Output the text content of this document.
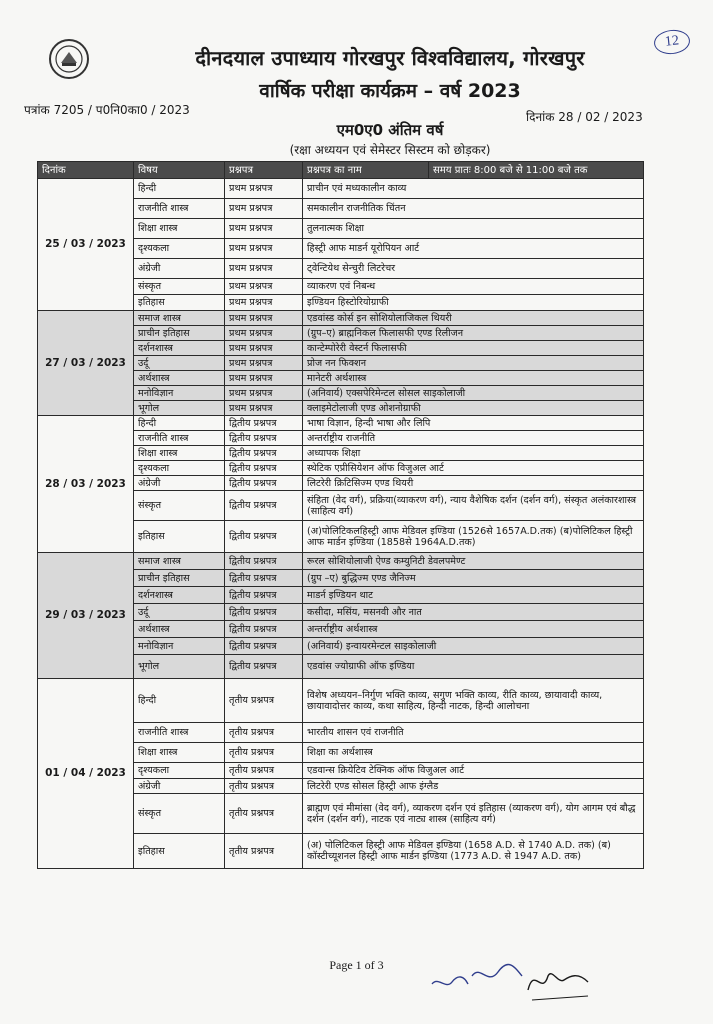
12
दीनदयाल उपाध्याय गोरखपुर विश्वविद्यालय, गोरखपुर
वार्षिक परीक्षा कार्यक्रम – वर्ष 2023
पत्रांक 7205 / प0नि0का0 / 2023	दिनांक 28 / 02 / 2023
एम0ए0 अंतिम वर्ष
(रक्षा अध्ययन एवं सेमेस्टर सिस्टम को छोड़कर)
दिनांक	विषय	प्रश्नपत्र	प्रश्नपत्र का नाम	समय प्रातः 8:00 बजे से 11:00 बजे तक
25 / 03 / 2023	हिन्दी	प्रथम प्रश्नपत्र	प्राचीन एवं मध्यकालीन काव्य	
	राजनीति शास्त्र	प्रथम प्रश्नपत्र	समकालीन राजनीतिक चिंतन	
	शिक्षा शास्त्र	प्रथम प्रश्नपत्र	तुलनात्मक शिक्षा	
	दृश्यकला	प्रथम प्रश्नपत्र	हिस्ट्री आफ माडर्न यूरोपियन आर्ट	
	अंग्रेजी	प्रथम प्रश्नपत्र	ट्वेन्टियेथ सेन्चुरी लिटरेचर	
	संस्कृत	प्रथम प्रश्नपत्र	व्याकरण एवं निबन्ध	
	इतिहास	प्रथम प्रश्नपत्र	इण्डियन हिस्टोरियोग्राफी	
27 / 03 / 2023	समाज शास्त्र	प्रथम प्रश्नपत्र	एडवांस्ड कोर्स इन सोशियोलाजिकल थियरी	
	प्राचीन इतिहास	प्रथम प्रश्नपत्र	(ग्रुप–ए) ब्राह्मनिकल फिलासफी एण्ड रिलीजन	
	दर्शनशास्त्र	प्रथम प्रश्नपत्र	कान्टेम्पोरेरी वेस्टर्न फिलासफी	
	उर्दू	प्रथम प्रश्नपत्र	प्रोज नन फिक्शन	
	अर्थशास्त्र	प्रथम प्रश्नपत्र	मानेटरी अर्थशास्त्र	
	मनोविज्ञान	प्रथम प्रश्नपत्र	(अनिवार्य) एक्सपेरिमेन्टल सोसल साइकोलाजी	
	भूगोल	प्रथम प्रश्नपत्र	क्लाइमेटोलाजी एण्ड ओशनोग्राफी	
28 / 03 / 2023	हिन्दी	द्वितीय प्रश्नपत्र	भाषा विज्ञान, हिन्दी भाषा और लिपि	
	राजनीति शास्त्र	द्वितीय प्रश्नपत्र	अन्तर्राष्ट्रीय राजनीति	
	शिक्षा शास्त्र	द्वितीय प्रश्नपत्र	अध्यापक शिक्षा	
	दृश्यकला	द्वितीय प्रश्नपत्र	स्थेटिक एप्रीसियेशन ऑफ विजुअल आर्ट	
	अंग्रेजी	द्वितीय प्रश्नपत्र	लिटरेरी क्रिटिसिज्म एण्ड थियरी	
	संस्कृत	द्वितीय प्रश्नपत्र	संहिता (वेद वर्ग), प्रक्रिया(व्याकरण वर्ग), न्याय वैशेषिक दर्शन (दर्शन वर्ग), संस्कृत अलंकारशास्त्र (साहित्य वर्ग)	
	इतिहास	द्वितीय प्रश्नपत्र	(अ)पोलिटिकलहिस्ट्री आफ मेडिवल इण्डिया (1526से 1657A.D.तक) (ब)पोलिटिकल हिस्ट्री आफ मार्डन इण्डिया (1858से 1964A.D.तक)	
29 / 03 / 2023	समाज शास्त्र	द्वितीय प्रश्नपत्र	रूरल सोशियोलाजी ऐण्ड कम्युनिटी डेवलपमेण्ट	
	प्राचीन इतिहास	द्वितीय प्रश्नपत्र	(ग्रुप –ए) बुद्धिज्म एण्ड जैनिज्म	
	दर्शनशास्त्र	द्वितीय प्रश्नपत्र	माडर्न इण्डियन थाट	
	उर्दू	द्वितीय प्रश्नपत्र	कसीदा, मसिंय, मसनवी और नात	
	अर्थशास्त्र	द्वितीय प्रश्नपत्र	अन्तर्राष्ट्रीय अर्थशास्त्र	
	मनोविज्ञान	द्वितीय प्रश्नपत्र	(अनिवार्य) इन्वायरमेन्टल साइकोलाजी	
	भूगोल	द्वितीय प्रश्नपत्र	एडवांस ज्योग्राफी ऑफ इण्डिया	
01 / 04 / 2023	हिन्दी	तृतीय प्रश्नपत्र	विशेष अध्ययन–निर्गुण भक्ति काव्य, सगुण भक्ति काव्य, रीति काव्य, छायावादी काव्य, छायावादोत्तर काव्य, कथा साहित्य, हिन्दी नाटक, हिन्दी आलोचना	
	राजनीति शास्त्र	तृतीय प्रश्नपत्र	भारतीय शासन एवं राजनीति	
	शिक्षा शास्त्र	तृतीय प्रश्नपत्र	शिक्षा का अर्थशास्त्र	
	दृश्यकला	तृतीय प्रश्नपत्र	एडवान्स क्रियेटिव टेक्निक ऑफ विजुअल आर्ट	
	अंग्रेजी	तृतीय प्रश्नपत्र	लिटरेरी एण्ड सोसल हिस्ट्री आफ इंग्लैड	
	संस्कृत	तृतीय प्रश्नपत्र	ब्राह्मण एवं मीमांसा (वेद वर्ग), व्याकरण दर्शन एवं इतिहास (व्याकरण वर्ग), योग आगम एवं बौद्ध दर्शन (दर्शन वर्ग), नाटक एवं नाट्य शास्त्र (साहित्य वर्ग)	
	इतिहास	तृतीय प्रश्नपत्र	(अ) पोलिटिकल हिस्ट्री आफ मेडिवल इण्डिया (1658 A.D. से 1740 A.D. तक) (ब) कॉस्टीच्यूशनल हिस्ट्री आफ मार्डन इण्डिया (1773 A.D. से 1947 A.D. तक)	
Page 1 of 3
